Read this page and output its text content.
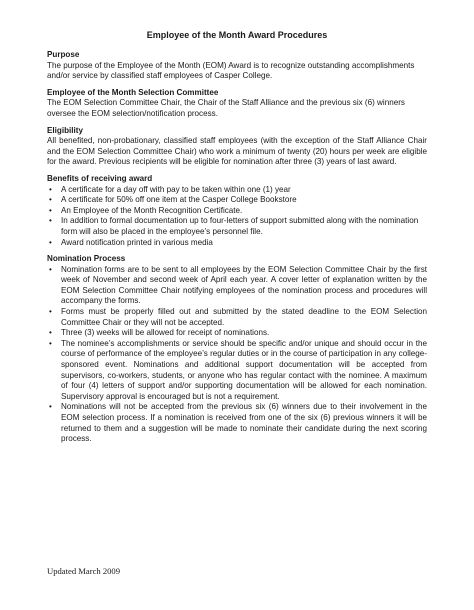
Employee of the Month Award Procedures
Purpose

The purpose of the Employee of the Month (EOM) Award is to recognize outstanding accomplishments and/or service by classified staff employees of Casper College.

Employee of the Month Selection Committee

The EOM Selection Committee Chair, the Chair of the Staff Alliance and the previous six (6) winners oversee the EOM selection/notification process.

Eligibility

All benefited, non-probationary, classified staff employees (with the exception of the Staff Alliance Chair and the EOM Selection Committee Chair) who work a minimum of twenty (20) hours per week are eligible for the award. Previous recipients will be eligible for nomination after three (3) years of last award.

Benefits of receiving award
• A certificate for a day off with pay to be taken within one (1) year
• A certificate for 50% off one item at the Casper College Bookstore
• An Employee of the Month Recognition Certificate.
• In addition to formal documentation up to four-letters of support submitted along with the nomination form will also be placed in the employee’s personnel file.
• Award notification printed in various media
Nomination Process
• Nomination forms are to be sent to all employees by the EOM Selection Committee Chair by the first week of November and second week of April each year. A cover letter of explanation written by the EOM Selection Committee Chair notifying employees of the nomination process and procedures will accompany the forms.
• Forms must be properly filled out and submitted by the stated deadline to the EOM Selection Committee Chair or they will not be accepted.
• Three (3) weeks will be allowed for receipt of nominations.
• The nominee’s accomplishments or service should be specific and/or unique and should occur in the course of performance of the employee’s regular duties or in the course of participation in any college-sponsored event. Nominations and additional support documentation will be accepted from supervisors, co-workers, students, or anyone who has regular contact with the nominee. A maximum of four (4) letters of support and/or supporting documentation will be allowed for each nomination. Supervisory approval is encouraged but is not a requirement.
• Nominations will not be accepted from the previous six (6) winners due to their involvement in the EOM selection process. If a nomination is received from one of the six (6) previous winners it will be returned to them and a suggestion will be made to nominate their candidate during the next scoring process.
Updated March 2009
